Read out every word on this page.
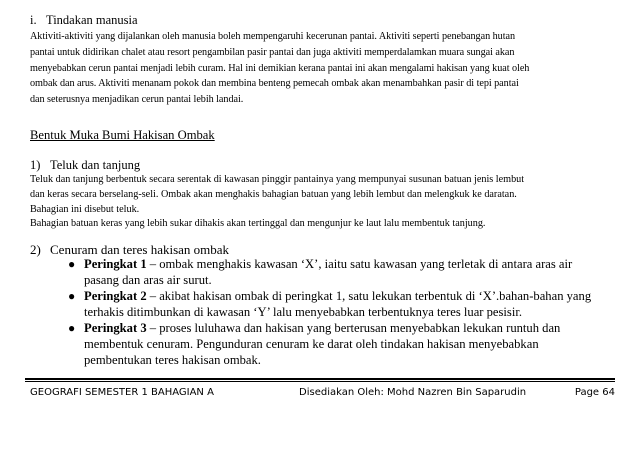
i. Tindakan manusia
Aktiviti-aktiviti yang dijalankan oleh manusia boleh mempengaruhi kecerunan pantai. Aktiviti seperti penebangan hutan
pantai untuk didirikan chalet atau resort pengambilan pasir pantai dan juga aktiviti memperdalamkan muara sungai akan
menyebabkan cerun pantai menjadi lebih curam. Hal ini demikian kerana pantai ini akan mengalami hakisan yang kuat oleh
ombak dan arus. Aktiviti menanam pokok dan membina benteng pemecah ombak akan menambahkan pasir di tepi pantai
dan seterusnya menjadikan cerun pantai lebih landai.
Bentuk Muka Bumi Hakisan Ombak
1) Teluk dan tanjung
Teluk dan tanjung berbentuk secara serentak di kawasan pinggir pantainya yang mempunyai susunan batuan jenis lembut
dan keras secara berselang-seli. Ombak akan menghakis bahagian batuan yang lebih lembut dan melengkuk ke daratan.
Bahagian ini disebut teluk.
Bahagian batuan keras yang lebih sukar dihakis akan tertinggal dan mengunjur ke laut lalu membentuk tanjung.
2) Cenuram dan teres hakisan ombak
● Peringkat 1 – ombak menghakis kawasan ‘X’, iaitu satu kawasan yang terletak di antara aras air
pasang dan aras air surut.
● Peringkat 2 – akibat hakisan ombak di peringkat 1, satu lekukan terbentuk di ‘X’.bahan-bahan yang
terhakis ditimbunkan di kawasan ‘Y’ lalu menyebabkan terbentuknya teres luar pesisir.
● Peringkat 3 – proses luluhawa dan hakisan yang berterusan menyebabkan lekukan runtuh dan
membentuk cenuram. Pengunduran cenuram ke darat oleh tindakan hakisan menyebabkan
pembentukan teres hakisan ombak.
GEOGRAFI SEMESTER 1 BAHAGIAN A	Disediakan Oleh: Mohd Nazren Bin Saparudin	Page 64
